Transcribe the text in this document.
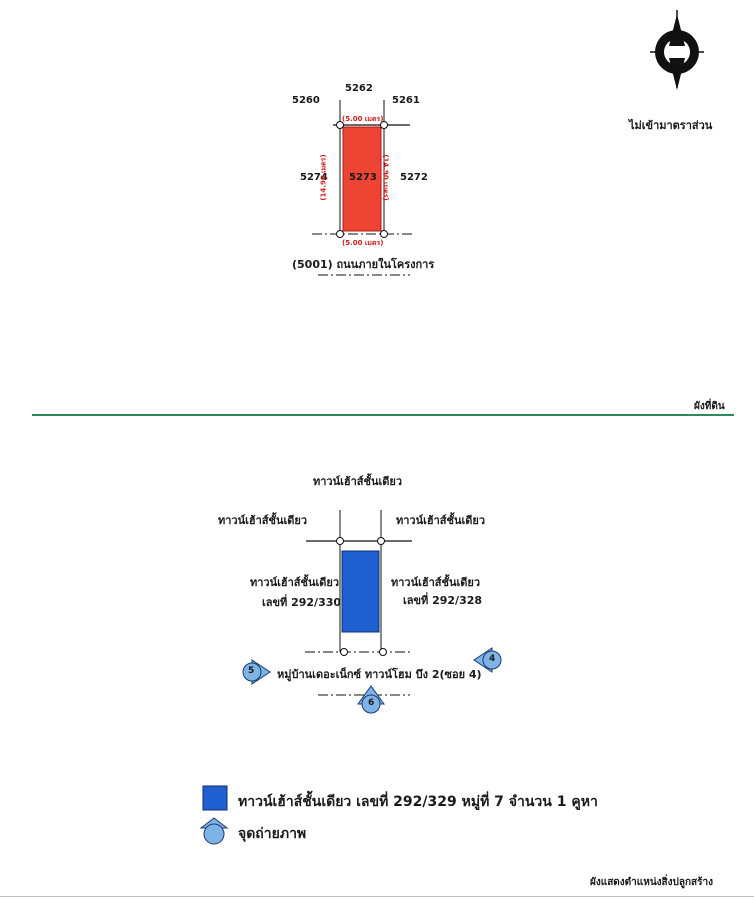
5262
5260	5261
5274 5273 5272
(5.00 เมตร)
(5.00 เมตร)
(14.90 เมตร)	(14.90 เมตร)
(5001) ถนนภายในโครงการ
ไม่เข้ามาตราส่วน
ผังที่ดิน
ทาวน์เฮ้าส์ชั้นเดียว
ทาวน์เฮ้าส์ชั้นเดียว	ทาวน์เฮ้าส์ชั้นเดียว
ทาวน์เฮ้าส์ชั้นเดียว
เลขที่ 292/330
ทาวน์เฮ้าส์ชั้นเดียว
เลขที่ 292/328
หมู่บ้านเดอะเน็กซ์ ทาวน์โฮม บึง 2(ซอย 4)
5
4
6
ทาวน์เฮ้าส์ชั้นเดียว เลขที่ 292/329 หมู่ที่ 7 จำนวน 1 คูหา
จุดถ่ายภาพ
ผังแสดงตำแหน่งสิ่งปลูกสร้าง
